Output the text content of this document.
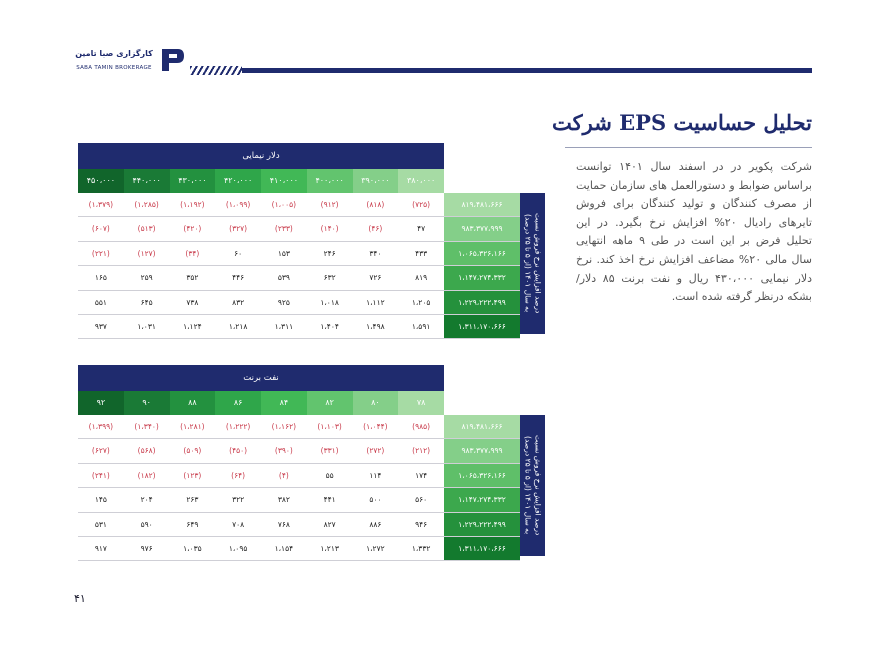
کارگزاری صبا تامین
SABA TAMIN BROKERAGE
تحلیل حساسیت EPS شرکت
شرکت پکویر در در اسفند سال ۱۴۰۱ توانست براساس ضوابط و دستورالعمل های سازمان حمایت از مصرف کنندگان و تولید کنندگان برای فروش تایرهای رادیال ۲۰% افزایش نرخ بگیرد. در این تحلیل فرض بر این است در طی ۹ ماهه انتهایی سال مالی ۲۰% مضاعف افزایش نرخ اخذ کند. نرخ دلار نیمایی ۴۳۰،۰۰۰ ریال و نفت برنت ۸۵ دلار/بشکه درنظر گرفته شده است.
دلار نیمایی
۴۵۰،۰۰۰	۴۴۰،۰۰۰	۴۳۰،۰۰۰	۴۲۰،۰۰۰	۴۱۰،۰۰۰	۴۰۰،۰۰۰	۳۹۰،۰۰۰	۳۸۰،۰۰۰
(۱،۳۷۹)	(۱،۲۸۵)	(۱،۱۹۲)	(۱،۰۹۹)	(۱،۰۰۵)	(۹۱۲)	(۸۱۸)	(۷۲۵)	۸۱۹،۴۸۱،۶۶۶
(۶۰۷)	(۵۱۳)	(۴۲۰)	(۳۲۷)	(۲۳۳)	(۱۴۰)	(۴۶)	۴۷	۹۸۳،۳۷۷،۹۹۹
(۲۲۱)	(۱۲۷)	(۳۴)	۶۰	۱۵۳	۲۴۶	۳۴۰	۴۳۳	۱،۰۶۵،۳۲۶،۱۶۶
۱۶۵	۲۵۹	۳۵۲	۴۴۶	۵۳۹	۶۳۲	۷۲۶	۸۱۹	۱،۱۴۷،۲۷۴،۳۳۲
۵۵۱	۶۴۵	۷۳۸	۸۳۲	۹۲۵	۱،۰۱۸	۱،۱۱۲	۱،۲۰۵	۱،۲۲۹،۲۲۲،۴۹۹
۹۳۷	۱،۰۳۱	۱،۱۲۴	۱،۲۱۸	۱،۳۱۱	۱،۴۰۴	۱،۴۹۸	۱،۵۹۱	۱،۳۱۱،۱۷۰،۶۶۶
درصد افزایش نرخ فروش نسبت
به سال ۱۴۰۱ (از ۵ تا ۲۵ درصد)
نفت برنت
۹۲	۹۰	۸۸	۸۶	۸۴	۸۲	۸۰	۷۸
(۱،۳۹۹)	(۱،۳۴۰)	(۱،۲۸۱)	(۱،۲۲۲)	(۱،۱۶۲)	(۱،۱۰۳)	(۱،۰۴۴)	(۹۸۵)	۸۱۹،۴۸۱،۶۶۶
(۶۲۷)	(۵۶۸)	(۵۰۹)	(۴۵۰)	(۳۹۰)	(۳۳۱)	(۲۷۲)	(۲۱۲)	۹۸۳،۳۷۷،۹۹۹
(۲۴۱)	(۱۸۲)	(۱۲۳)	(۶۴)	(۴)	۵۵	۱۱۴	۱۷۴	۱،۰۶۵،۳۲۶،۱۶۶
۱۴۵	۲۰۴	۲۶۳	۳۲۲	۳۸۲	۴۴۱	۵۰۰	۵۶۰	۱،۱۴۷،۲۷۴،۳۳۲
۵۳۱	۵۹۰	۶۴۹	۷۰۸	۷۶۸	۸۲۷	۸۸۶	۹۴۶	۱،۲۲۹،۲۲۲،۴۹۹
۹۱۷	۹۷۶	۱،۰۳۵	۱،۰۹۵	۱،۱۵۴	۱،۲۱۳	۱،۲۷۲	۱،۳۳۲	۱،۳۱۱،۱۷۰،۶۶۶
درصد افزایش نرخ فروش نسبت
به سال ۱۴۰۱ (از ۵ تا ۲۵ درصد)
۴۱
